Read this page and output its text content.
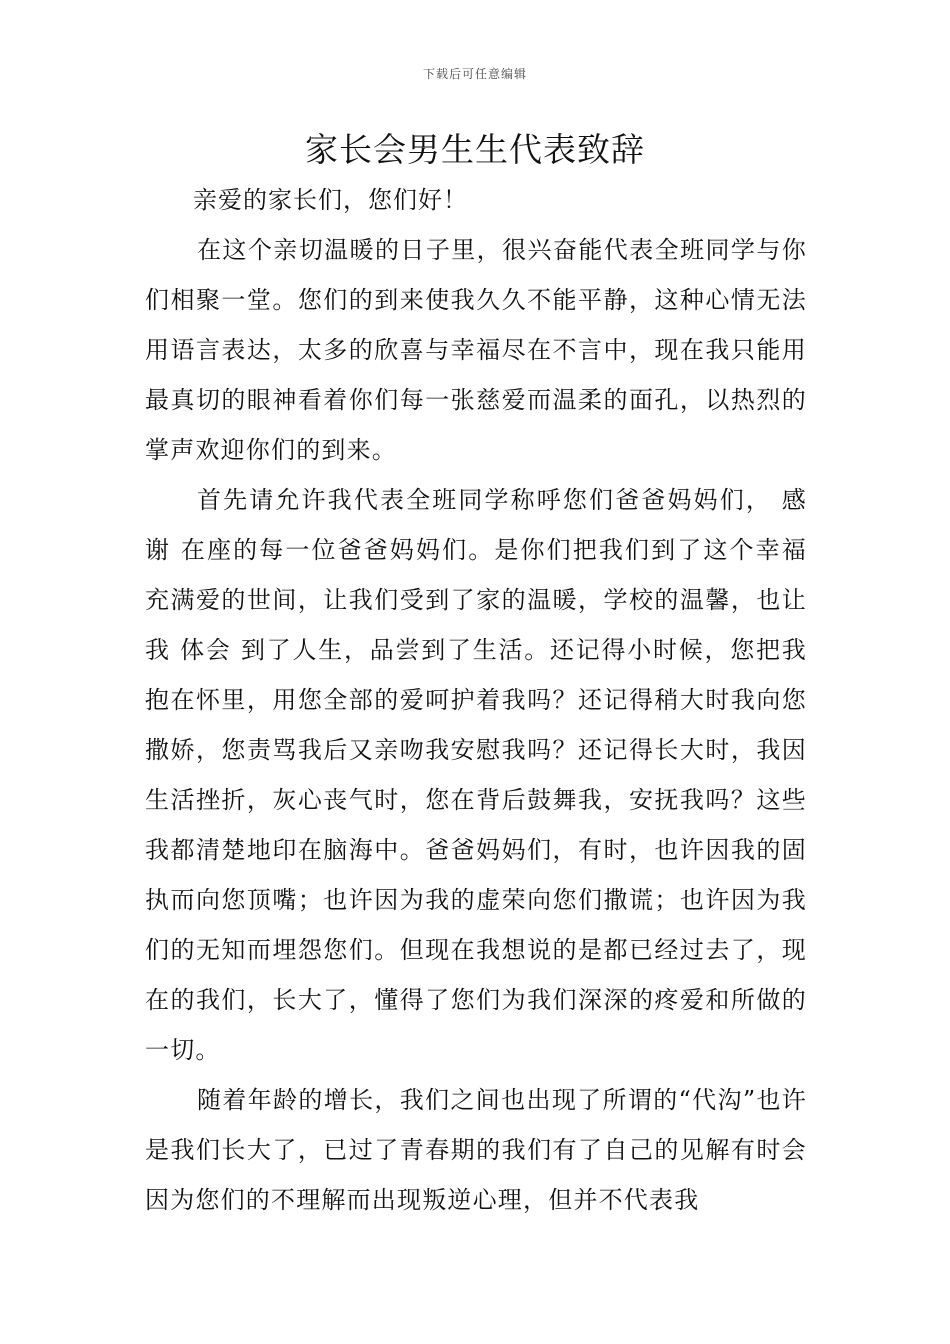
下载后可任意编辑
家长会男生生代表致辞

亲爱的家长们，您们好！

在这个亲切温暖的日子里，很兴奋能代表全班同学与你们相聚一堂。您们的到来使我久久不能平静，这种心情无法用语言表达，太多的欣喜与幸福尽在不言中，现在我只能用最真切的眼神看着你们每一张慈爱而温柔的面孔，以热烈的掌声欢迎你们的到来。

首先请允许我代表全班同学称呼您们爸爸妈妈们， 感谢 在座的每一位爸爸妈妈们。是你们把我们到了这个幸福充满爱的世间，让我们受到了家的温暖，学校的温馨，也让我 体会 到了人生，品尝到了生活。还记得小时候，您把我抱在怀里，用您全部的爱呵护着我吗？还记得稍大时我向您撒娇，您责骂我后又亲吻我安慰我吗？还记得长大时，我因生活挫折，灰心丧气时，您在背后鼓舞我，安抚我吗？这些我都清楚地印在脑海中。爸爸妈妈们，有时，也许因我的固执而向您顶嘴；也许因为我的虚荣向您们撒谎；也许因为我们的无知而埋怨您们。但现在我想说的是都已经过去了，现在的我们，长大了，懂得了您们为我们深深的疼爱和所做的一切。

随着年龄的增长，我们之间也出现了所谓的“代沟”也许是我们长大了，已过了青春期的我们有了自己的见解有时会因为您们的不理解而出现叛逆心理，但并不代表我
